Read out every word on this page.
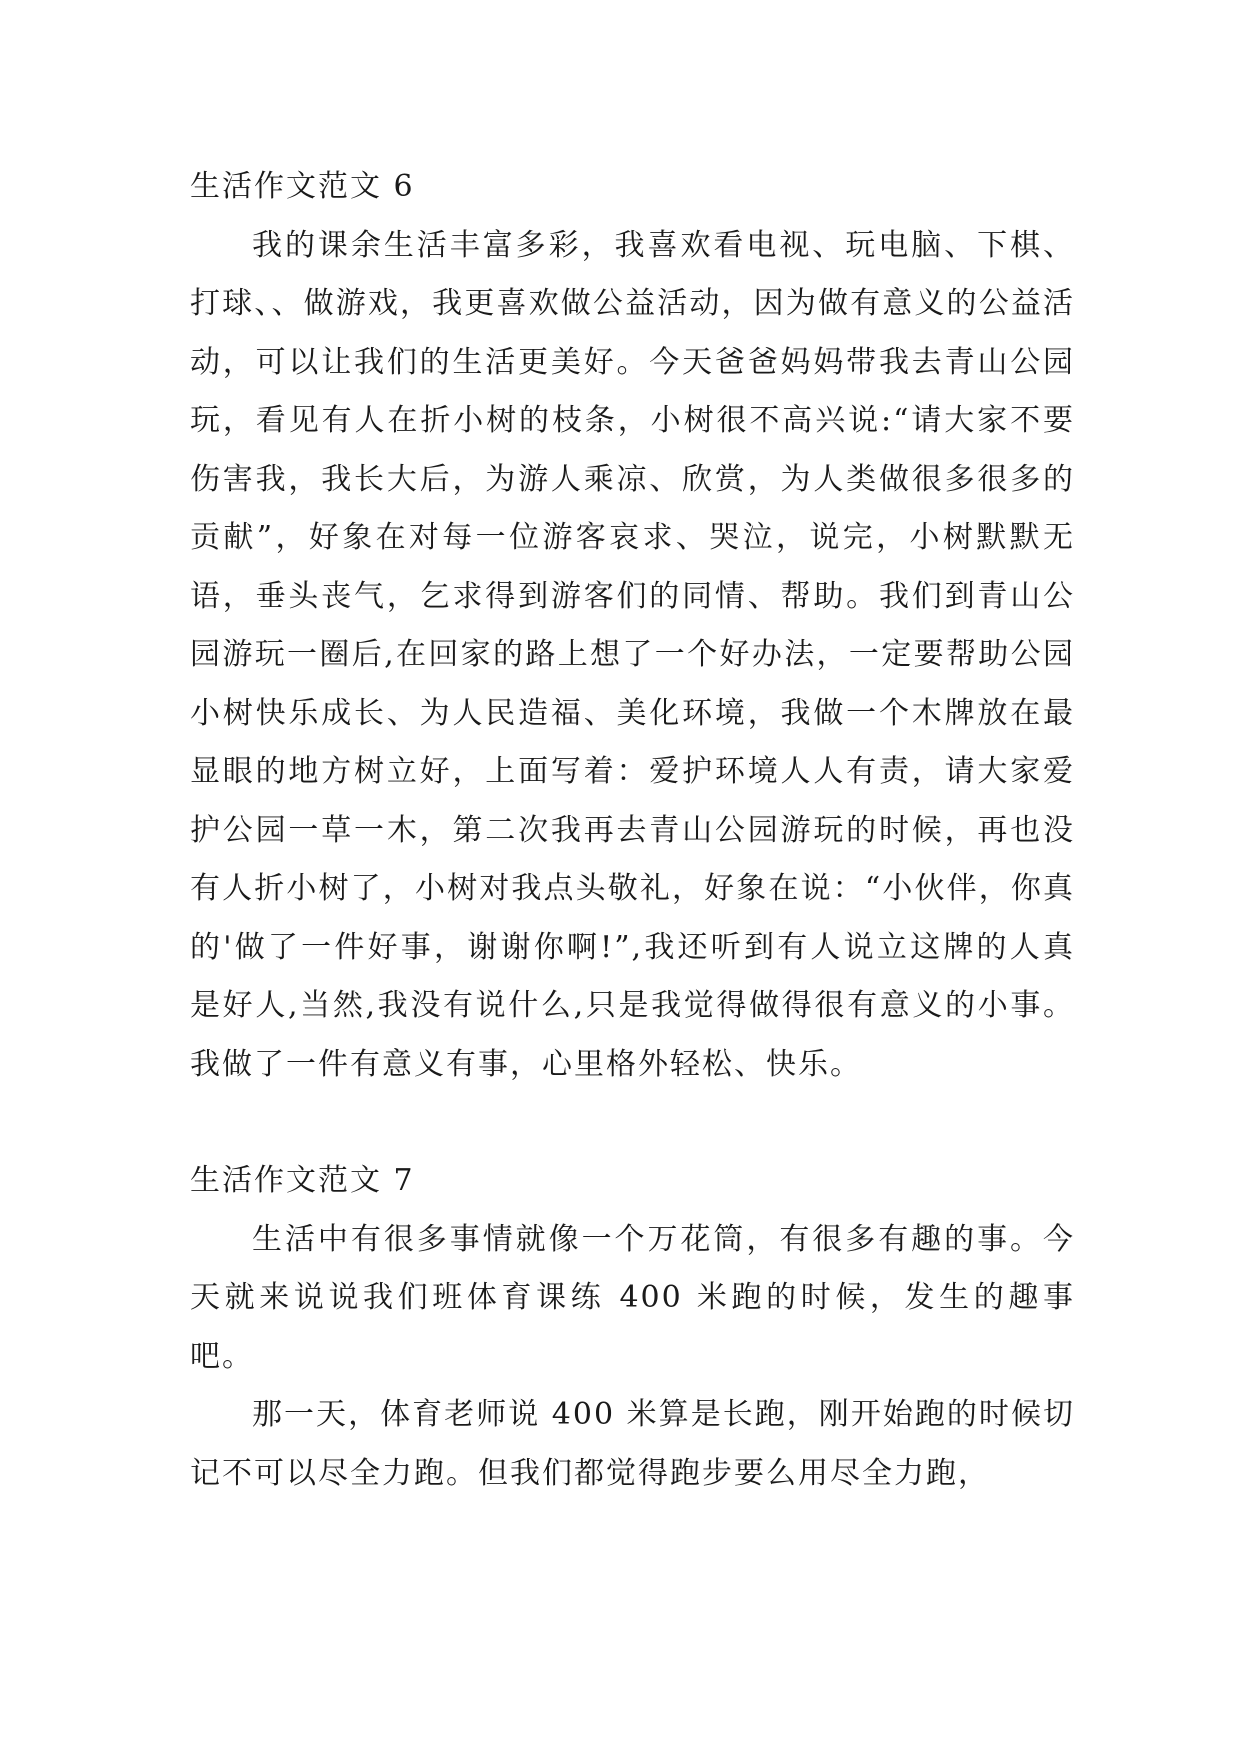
生活作文范文 6

我的课余生活丰富多彩，我喜欢看电视、玩电脑、下棋、打球、、做游戏，我更喜欢做公益活动，因为做有意义的公益活动，可以让我们的生活更美好。今天爸爸妈妈带我去青山公园玩，看见有人在折小树的枝条，小树很不高兴说:“请大家不要伤害我，我长大后，为游人乘凉、欣赏，为人类做很多很多的贡献”，好象在对每一位游客哀求、哭泣，说完，小树默默无语，垂头丧气，乞求得到游客们的同情、帮助。我们到青山公园游玩一圈后,在回家的路上想了一个好办法，一定要帮助公园小树快乐成长、为人民造福、美化环境，我做一个木牌放在最显眼的地方树立好，上面写着：爱护环境人人有责，请大家爱护公园一草一木，第二次我再去青山公园游玩的时候，再也没有人折小树了，小树对我点头敬礼，好象在说：“小伙伴，你真的'做了一件好事，谢谢你啊!”,我还听到有人说立这牌的人真是好人,当然,我没有说什么,只是我觉得做得很有意义的小事。我做了一件有意义有事，心里格外轻松、快乐。

生活作文范文 7

生活中有很多事情就像一个万花筒，有很多有趣的事。今天就来说说我们班体育课练 400 米跑的时候，发生的趣事吧。

那一天，体育老师说 400 米算是长跑，刚开始跑的时候切记不可以尽全力跑。但我们都觉得跑步要么用尽全力跑，
